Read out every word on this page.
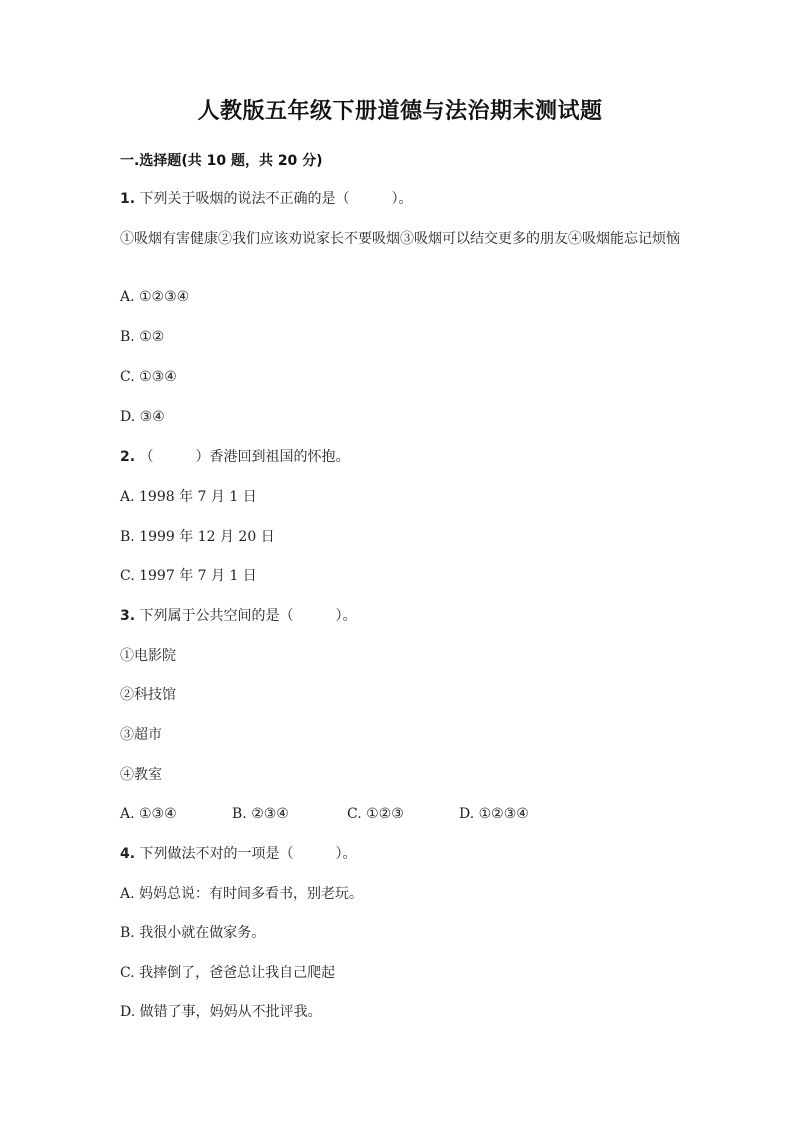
人教版五年级下册道德与法治期末测试题
一.选择题(共 10 题，共 20 分)
1. 下列关于吸烟的说法不正确的是（　　　）。
①吸烟有害健康②我们应该劝说家长不要吸烟③吸烟可以结交更多的朋友④吸烟能忘记烦恼
A. ①②③④
B. ①②
C. ①③④
D. ③④
2. （　　　）香港回到祖国的怀抱。
A. 1998 年 7 月 1 日
B. 1999 年 12 月 20 日
C. 1997 年 7 月 1 日
3. 下列属于公共空间的是（　　　）。
①电影院
②科技馆
③超市
④教室
A. ①③④	B. ②③④	C. ①②③	D. ①②③④
4. 下列做法不对的一项是（　　　）。
A. 妈妈总说：有时间多看书，别老玩。
B. 我很小就在做家务。
C. 我摔倒了，爸爸总让我自己爬起
D. 做错了事，妈妈从不批评我。
